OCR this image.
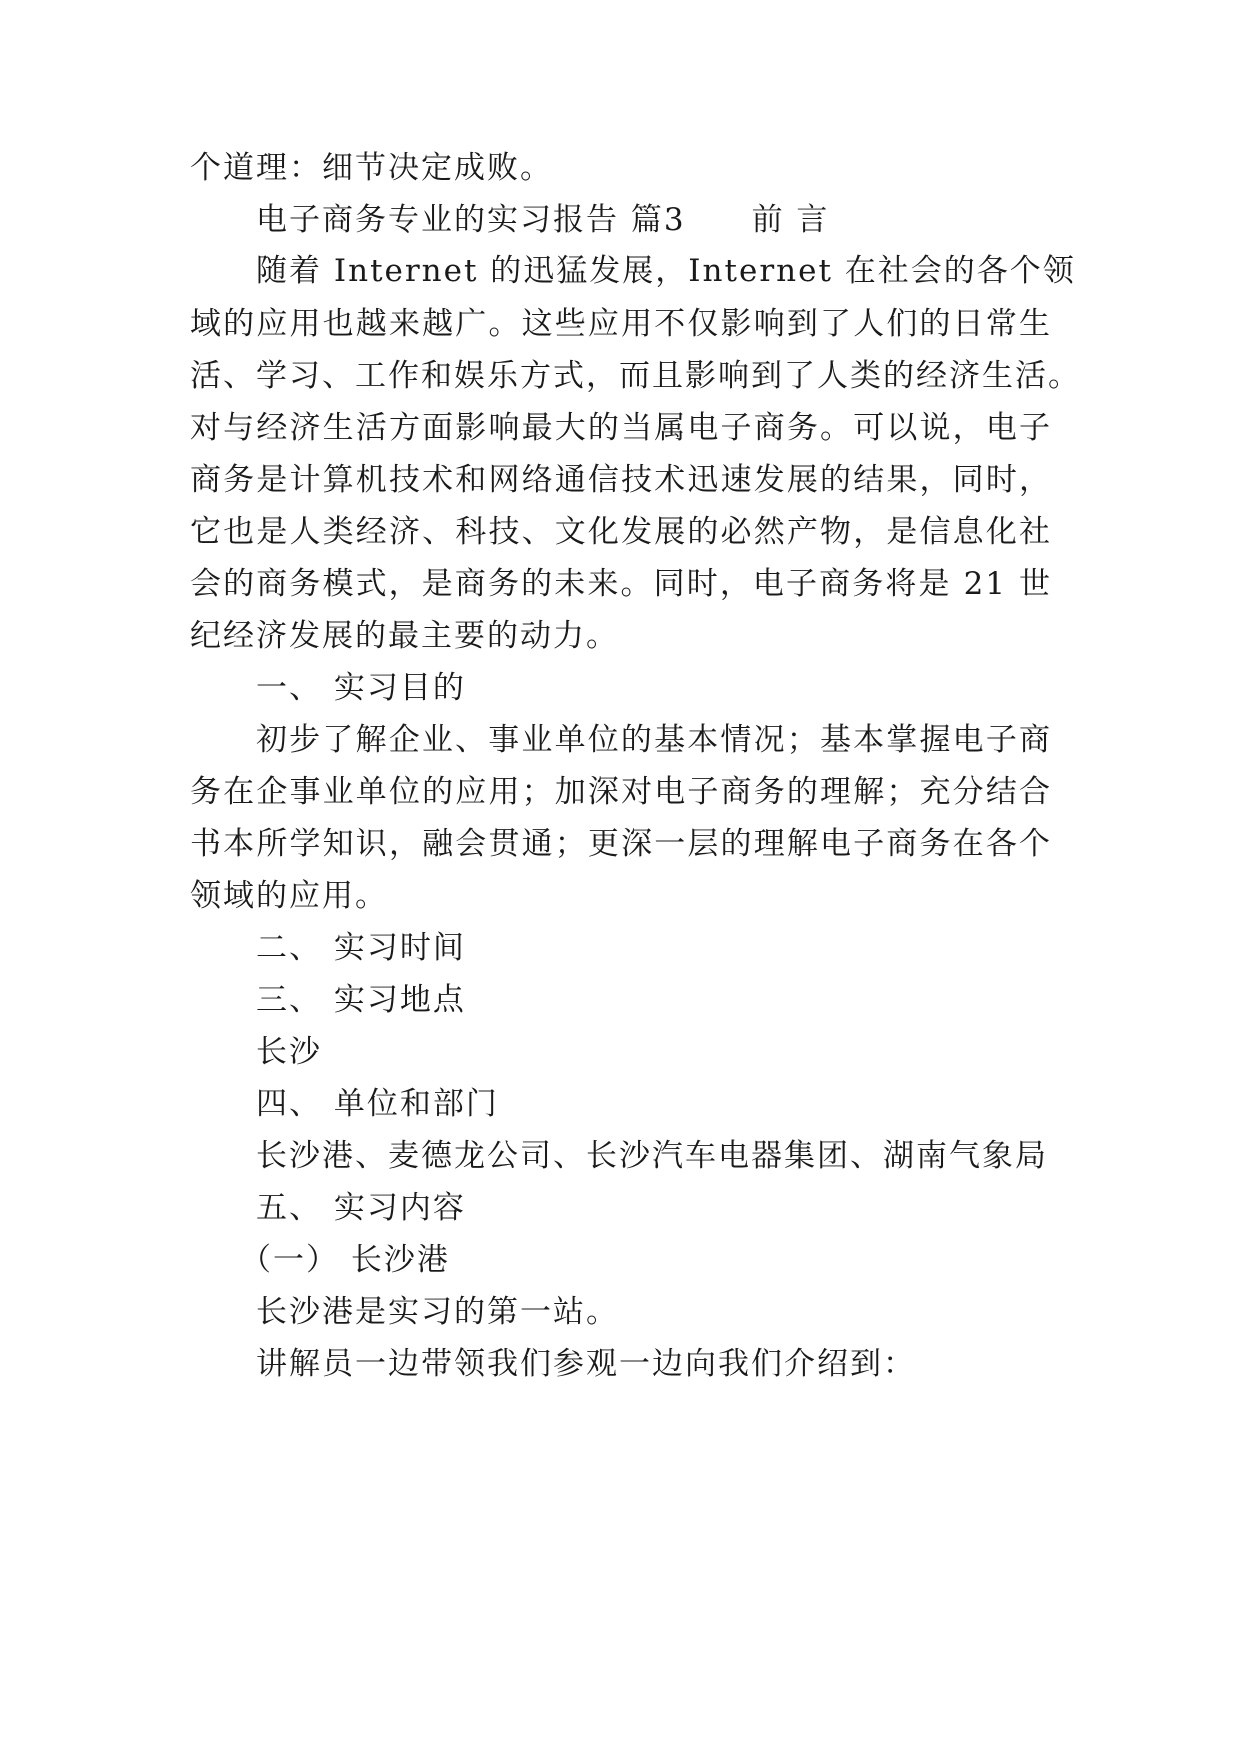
个道理：细节决定成败。
电子商务专业的实习报告 篇3　　前 言
随着 Internet 的迅猛发展，Internet 在社会的各个领
域的应用也越来越广。这些应用不仅影响到了人们的日常生
活、学习、工作和娱乐方式，而且影响到了人类的经济生活。
对与经济生活方面影响最大的当属电子商务。可以说，电子
商务是计算机技术和网络通信技术迅速发展的结果，同时，
它也是人类经济、科技、文化发展的必然产物，是信息化社
会的商务模式，是商务的未来。同时，电子商务将是 21 世
纪经济发展的最主要的动力。
一、 实习目的
初步了解企业、事业单位的基本情况；基本掌握电子商
务在企事业单位的应用；加深对电子商务的理解；充分结合
书本所学知识，融会贯通；更深一层的理解电子商务在各个
领域的应用。
二、 实习时间
三、 实习地点
长沙
四、 单位和部门
长沙港、麦德龙公司、长沙汽车电器集团、湖南气象局
五、 实习内容
（一） 长沙港
长沙港是实习的第一站。
讲解员一边带领我们参观一边向我们介绍到：
